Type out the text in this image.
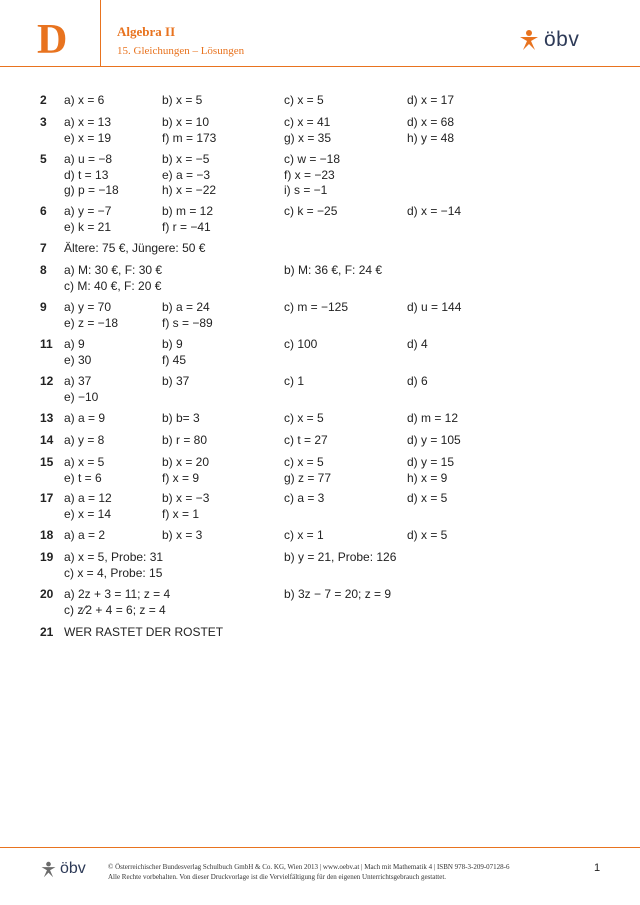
D	Algebra II
15. Gleichungen – Lösungen	öbv
2 a) x = 6	b) x = 5	c) x = 5	d) x = 17
3 a) x = 13	b) x = 10	c) x = 41	d) x = 68
e) x = 19	f) m = 173	g) x = 35	h) y = 48
5 a) u = −8	b) x = −5	c) w = −18
d) t = 13	e) a = −3	f) x = −23
g) p = −18	h) x = −22	i) s = −1
6 a) y = −7	b) m = 12	c) k = −25	d) x = −14
e) k = 21	f) r = −41
7 Ältere: 75 €, Jüngere: 50 €
8 a) M: 30 €, F: 30 €	b) M: 36 €, F: 24 €
c) M: 40 €, F: 20 €
9 a) y = 70	b) a = 24	c) m = −125	d) u = 144
e) z = −18	f) s = −89
11 a) 9	b) 9	c) 100	d) 4
e) 30	f) 45
12 a) 37	b) 37	c) 1	d) 6
e) −10
13 a) a = 9	b) b= 3	c) x = 5	d) m = 12
14 a) y = 8	b) r = 80	c) t = 27	d) y = 105
15 a) x = 5	b) x = 20	c) x = 5	d) y = 15
e) t = 6	f) x = 9	g) z = 77	h) x = 9
17 a) a = 12	b) x = −3	c) a = 3	d) x = 5
e) x = 14	f) x = 1
18 a) a = 2	b) x = 3	c) x = 1	d) x = 5
19 a) x = 5, Probe: 31	b) y = 21, Probe: 126
c) x = 4, Probe: 15
20 a) 2z + 3 = 11; z = 4	b) 3z − 7 = 20; z = 9
c) z⁄2 + 4 = 6; z = 4
21 WER RASTET DER ROSTET
öbv	© Österreichischer Bundesverlag Schulbuch GmbH & Co. KG, Wien 2013 | www.oebv.at | Mach mit Mathematik 4 | ISBN 978-3-209-07128-6
Alle Rechte vorbehalten. Von dieser Druckvorlage ist die Vervielfältigung für den eigenen Unterrichtsgebrauch gestattet.
1
